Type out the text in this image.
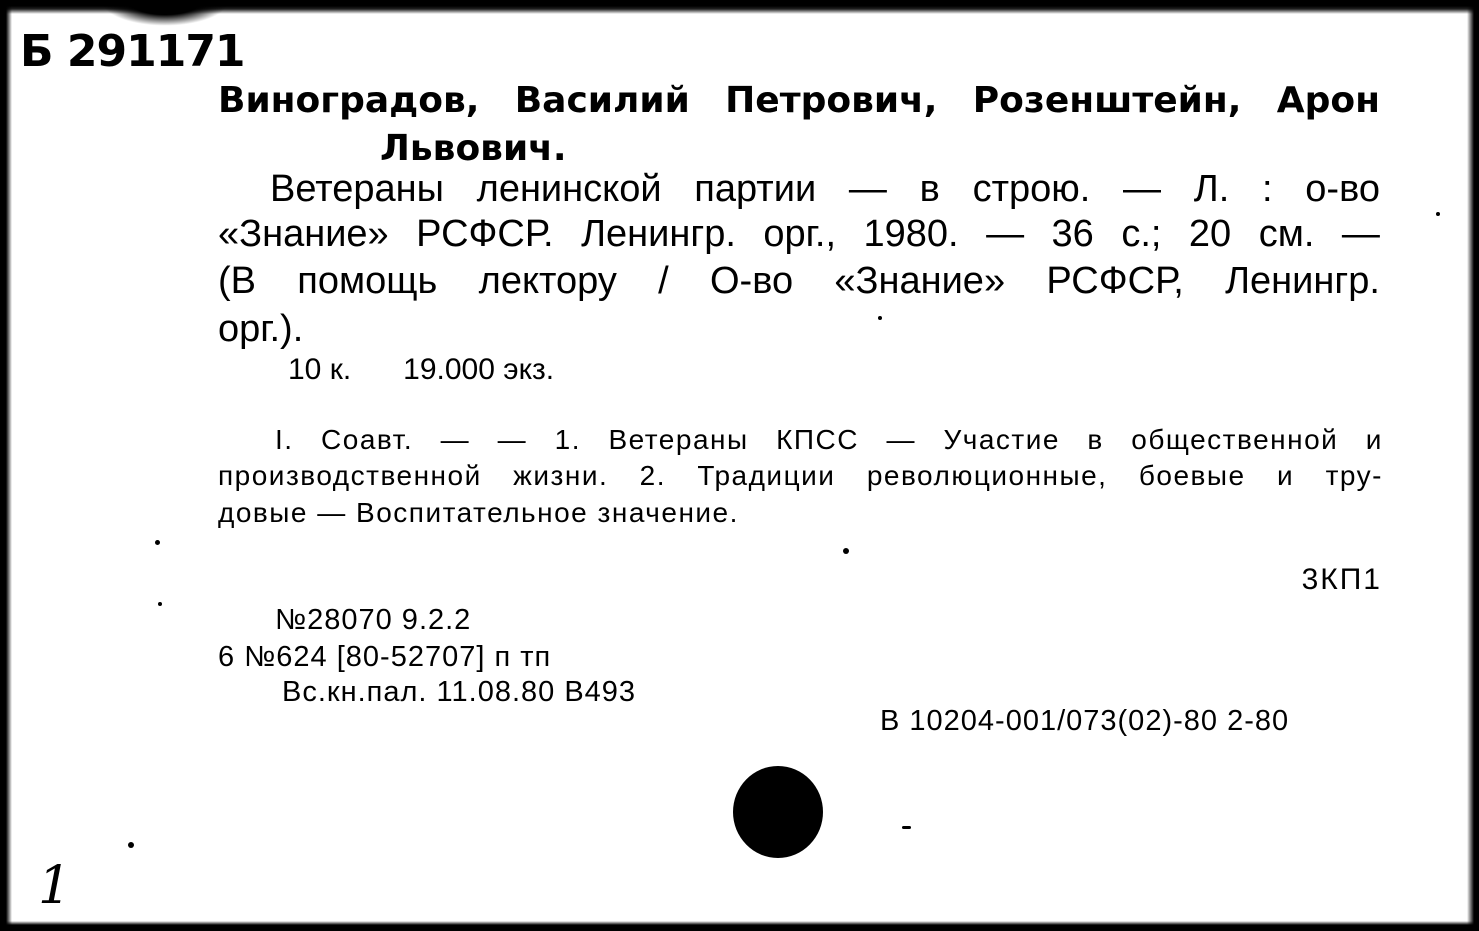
Б 291171
Виноградов, Василий Петрович, Розенштейн, Арон
Львович.
Ветераны ленинской партии — в строю. — Л. : о-во
«Знание» РСФСР. Ленингр. орг., 1980. — 36 с.; 20 см. —
(В помощь лектору / О-во «Знание» РСФСР, Ленингр.
орг.).
10 к. 19.000 экз.
I. Соавт. — — 1. Ветераны КПСС — Участие в общественной и
производственной жизни. 2. Традиции революционные, боевые и тру-
довые — Воспитательное значение.
3КП1
№28070 9.2.2
6 №624 [80-52707] п тп
Вс.кн.пал. 11.08.80 В493
В 10204-001/073(02)-80 2-80
1
